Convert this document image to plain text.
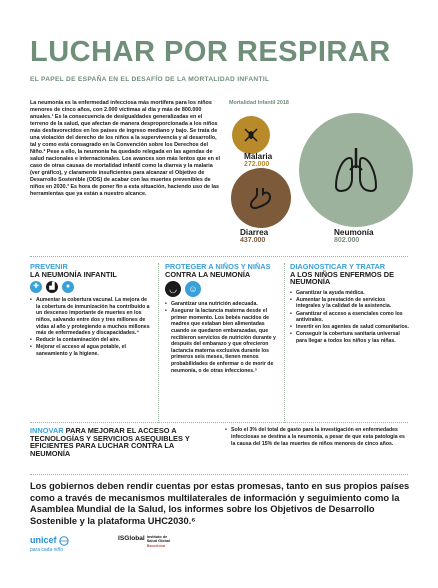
LUCHAR POR RESPIRAR
EL PAPEL DE ESPAÑA EN EL DESAFÍO DE LA MORTALIDAD INFANTIL

La neumonía es la enfermedad infecciosa más mortífera para los niños menores de cinco años, con 2.000 víctimas al día y más de 800.000 anuales.¹ Es la consecuencia de desigualdades generalizadas en el terreno de la salud, que afectan de manera desproporcionada a los niños más desfavorecidos en los países de ingreso mediano y bajo. Se trata de una violación del derecho de los niños a la supervivencia y al desarrollo, tal y como está consagrado en la Convención sobre los Derechos del Niño.² Pese a ello, la neumonía ha quedado relegada en las agendas de salud nacionales e internacionales. Los avances son más lentos que en el caso de otras causas de mortalidad infantil como la diarrea y la malaria (ver gráfico), y claramente insuficientes para alcanzar el Objetivo de Desarrollo Sostenible (ODS) de acabar con las muertes prevenibles de niños en 2030.³ Es hora de poner fin a esta situación, haciendo uso de las herramientas que ya están a nuestro alcance.

Mortalidad Infantil 2018
Malaria
272.000
Diarrea
437.000
Neumonía
802.000
PREVENIR
LA NEUMONÍA INFANTIL
✚	▟	●
• Aumentar la cobertura vacunal. La mejora de la cobertura de inmunización ha contribuido a un descenso importante de muertes en los niños, salvando entre dos y tres millones de vidas al año y protegiendo a muchos millones más de enfermedades y discapacidades.⁴
• Reducir la contaminación del aire.
• Mejorar el acceso al agua potable, el saneamiento y la higiene.
PROTEGER A NIÑOS Y NIÑAS
CONTRA LA NEUMONÍA
◡	☺
• Garantizar una nutrición adecuada.
• Asegurar la lactancia materna desde el primer momento. Los bebés nacidos de madres que estaban bien alimentadas cuando se quedaron embarazadas, que recibieron servicios de nutrición durante y después del embarazo y que ofrecieron lactancia materna exclusiva durante los primeros seis meses, tienen menos probabilidades de enfermar o de morir de neumonía, o de otras infecciones.⁵
DIAGNOSTICAR Y TRATAR
A LOS NIÑOS ENFERMOS DE NEUMONÍA
• Garantizar la ayuda médica.
• Aumentar la prestación de servicios integrales y la calidad de la asistencia.
• Garantizar el acceso a esenciales como los antivirales.
• Invertir en los agentes de salud comunitarios.
• Conseguir la cobertura sanitaria universal para llegar a todos los niños y las niñas.
INNOVAR PARA MEJORAR EL ACCESO A TECNOLOGÍAS Y SERVICIOS ASEQUIBLES Y EFICIENTES PARA LUCHAR CONTRA LA NEUMONÍA
• Solo el 3% del total de gasto para la investigación en enfermedades infecciosas se destina a la neumonía, a pesar de que esta patología es la causa del 15% de las muertes de niños menores de cinco años.
Los gobiernos deben rendir cuentas por estas promesas, tanto en sus propios países como a través de mecanismos multilaterales de información y seguimiento como la Asamblea Mundial de la Salud, los informes sobre los Objetivos de Desarrollo Sostenible y la plataforma UHC2030.⁶
unicef
para cada niño
ISGlobal Instituto de
Salud Global
Barcelona
